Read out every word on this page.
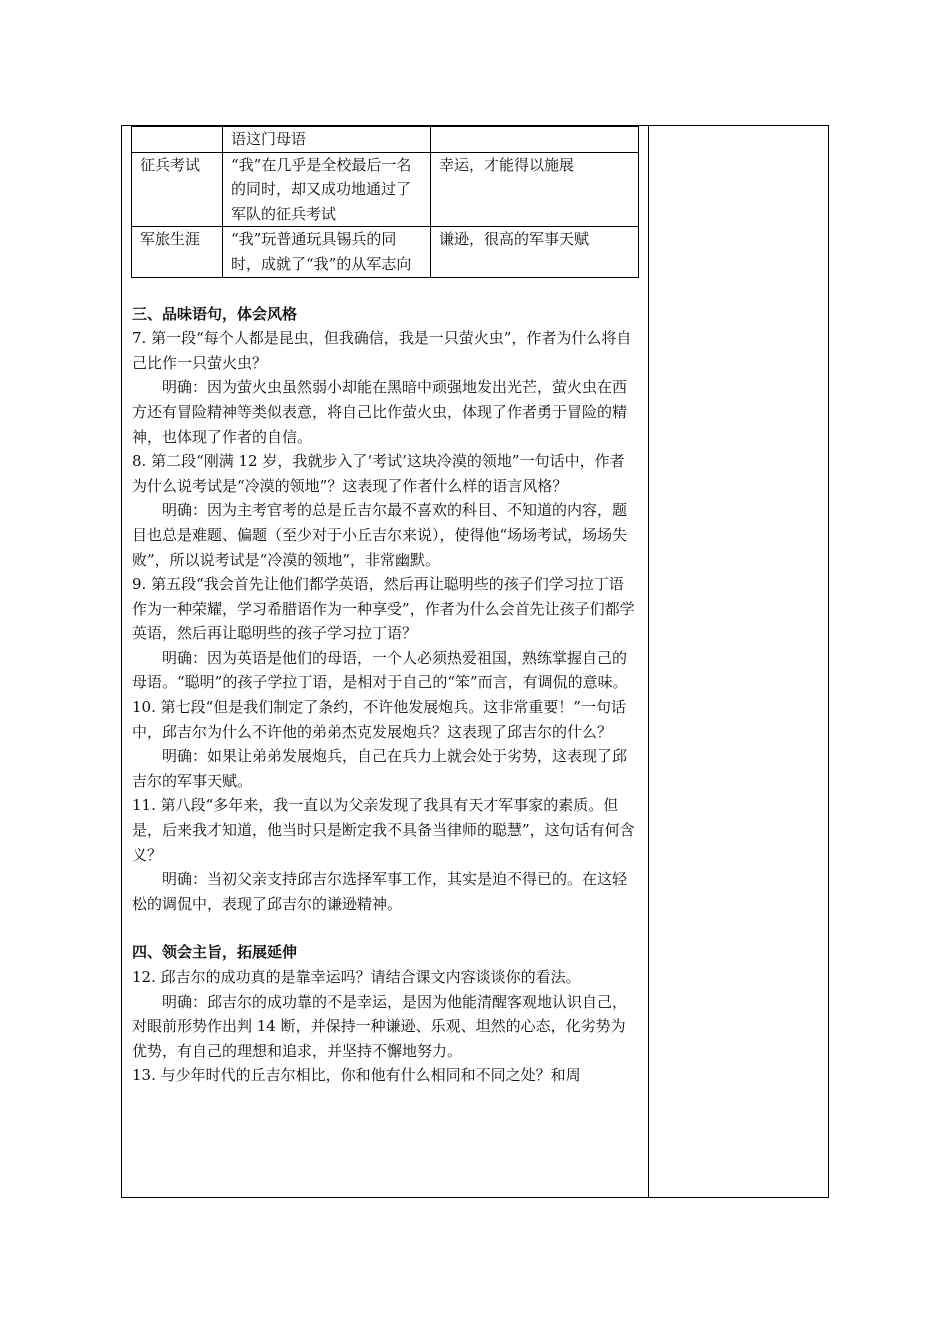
	语这门母语	
征兵考试	“我”在几乎是全校最后一名的同时，却又成功地通过了军队的征兵考试	幸运，才能得以施展
军旅生涯	“我”玩普通玩具锡兵的同时，成就了“我”的从军志向	谦逊，很高的军事天赋

三、品味语句，体会风格

7. 第一段“每个人都是昆虫，但我确信，我是一只萤火虫”，作者为什么将自己比作一只萤火虫？

明确：因为萤火虫虽然弱小却能在黑暗中顽强地发出光芒，萤火虫在西方还有冒险精神等类似表意，将自己比作萤火虫，体现了作者勇于冒险的精神，也体现了作者的自信。

8. 第二段“刚满 12 岁，我就步入了‘考试’这块冷漠的领地”一句话中，作者为什么说考试是“冷漠的领地”？这表现了作者什么样的语言风格？

明确：因为主考官考的总是丘吉尔最不喜欢的科目、不知道的内容，题目也总是难题、偏题（至少对于小丘吉尔来说），使得他“场场考试，场场失败”，所以说考试是“冷漠的领地”，非常幽默。

9. 第五段“我会首先让他们都学英语，然后再让聪明些的孩子们学习拉丁语作为一种荣耀，学习希腊语作为一种享受”，作者为什么会首先让孩子们都学英语，然后再让聪明些的孩子学习拉丁语？

明确：因为英语是他们的母语，一个人必须热爱祖国，熟练掌握自己的母语。“聪明”的孩子学拉丁语，是相对于自己的“笨”而言，有调侃的意味。

10. 第七段“但是我们制定了条约，不许他发展炮兵。这非常重要！”一句话中，邱吉尔为什么不许他的弟弟杰克发展炮兵？这表现了邱吉尔的什么？

明确：如果让弟弟发展炮兵，自己在兵力上就会处于劣势，这表现了邱吉尔的军事天赋。

11. 第八段“多年来，我一直以为父亲发现了我具有天才军事家的素质。但是，后来我才知道，他当时只是断定我不具备当律师的聪慧”，这句话有何含义？

明确：当初父亲支持邱吉尔选择军事工作，其实是迫不得已的。在这轻松的调侃中，表现了邱吉尔的谦逊精神。

四、领会主旨，拓展延伸

12. 邱吉尔的成功真的是靠幸运吗？请结合课文内容谈谈你的看法。

明确：邱吉尔的成功靠的不是幸运，是因为他能清醒客观地认识自己，对眼前形势作出判 14 断，并保持一种谦逊、乐观、坦然的心态，化劣势为优势，有自己的理想和追求，并坚持不懈地努力。

13. 与少年时代的丘吉尔相比，你和他有什么相同和不同之处？和周
